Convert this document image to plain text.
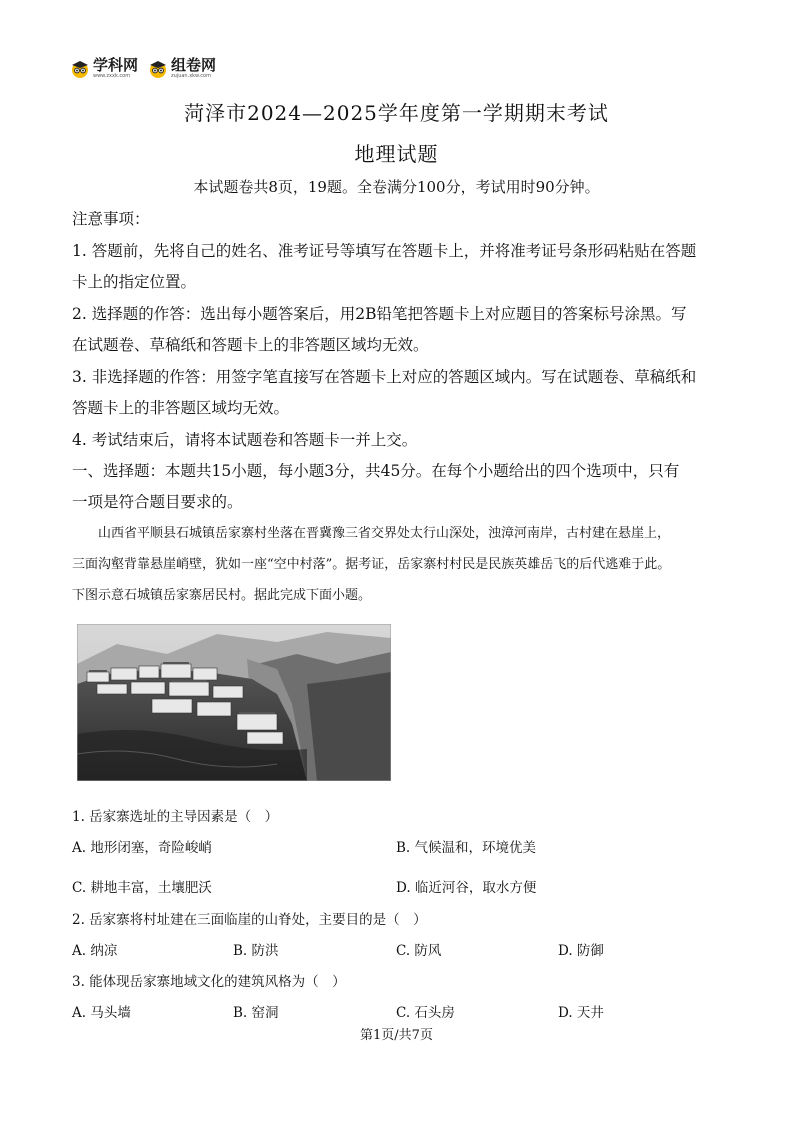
学科网
www.zxxk.com
组卷网
zujuan.xkw.com
菏泽市2024—2025学年度第一学期期末考试
地理试题
本试题卷共8页，19题。全卷满分100分，考试用时90分钟。
注意事项：
1. 答题前，先将自己的姓名、准考证号等填写在答题卡上，并将准考证号条形码粘贴在答题
卡上的指定位置。
2. 选择题的作答：选出每小题答案后，用2B铅笔把答题卡上对应题目的答案标号涂黑。写
在试题卷、草稿纸和答题卡上的非答题区域均无效。
3. 非选择题的作答：用签字笔直接写在答题卡上对应的答题区域内。写在试题卷、草稿纸和
答题卡上的非答题区域均无效。
4. 考试结束后，请将本试题卷和答题卡一并上交。
一、选择题：本题共15小题，每小题3分，共45分。在每个小题给出的四个选项中，只有
一项是符合题目要求的。
山西省平顺县石城镇岳家寨村坐落在晋冀豫三省交界处太行山深处，浊漳河南岸，古村建在悬崖上，
三面沟壑背靠悬崖峭壁，犹如一座“空中村落”。据考证，岳家寨村村民是民族英雄岳飞的后代逃难于此。
下图示意石城镇岳家寨居民村。据此完成下面小题。
1. 岳家寨选址的主导因素是（　）
A. 地形闭塞，奇险峻峭	B. 气候温和，环境优美
C. 耕地丰富，土壤肥沃	D. 临近河谷，取水方便
2. 岳家寨将村址建在三面临崖的山脊处，主要目的是（　）
A. 纳凉	B. 防洪	C. 防风	D. 防御
3. 能体现岳家寨地域文化的建筑风格为（　）
A. 马头墙	B. 窑洞	C. 石头房	D. 天井
第1页/共7页
